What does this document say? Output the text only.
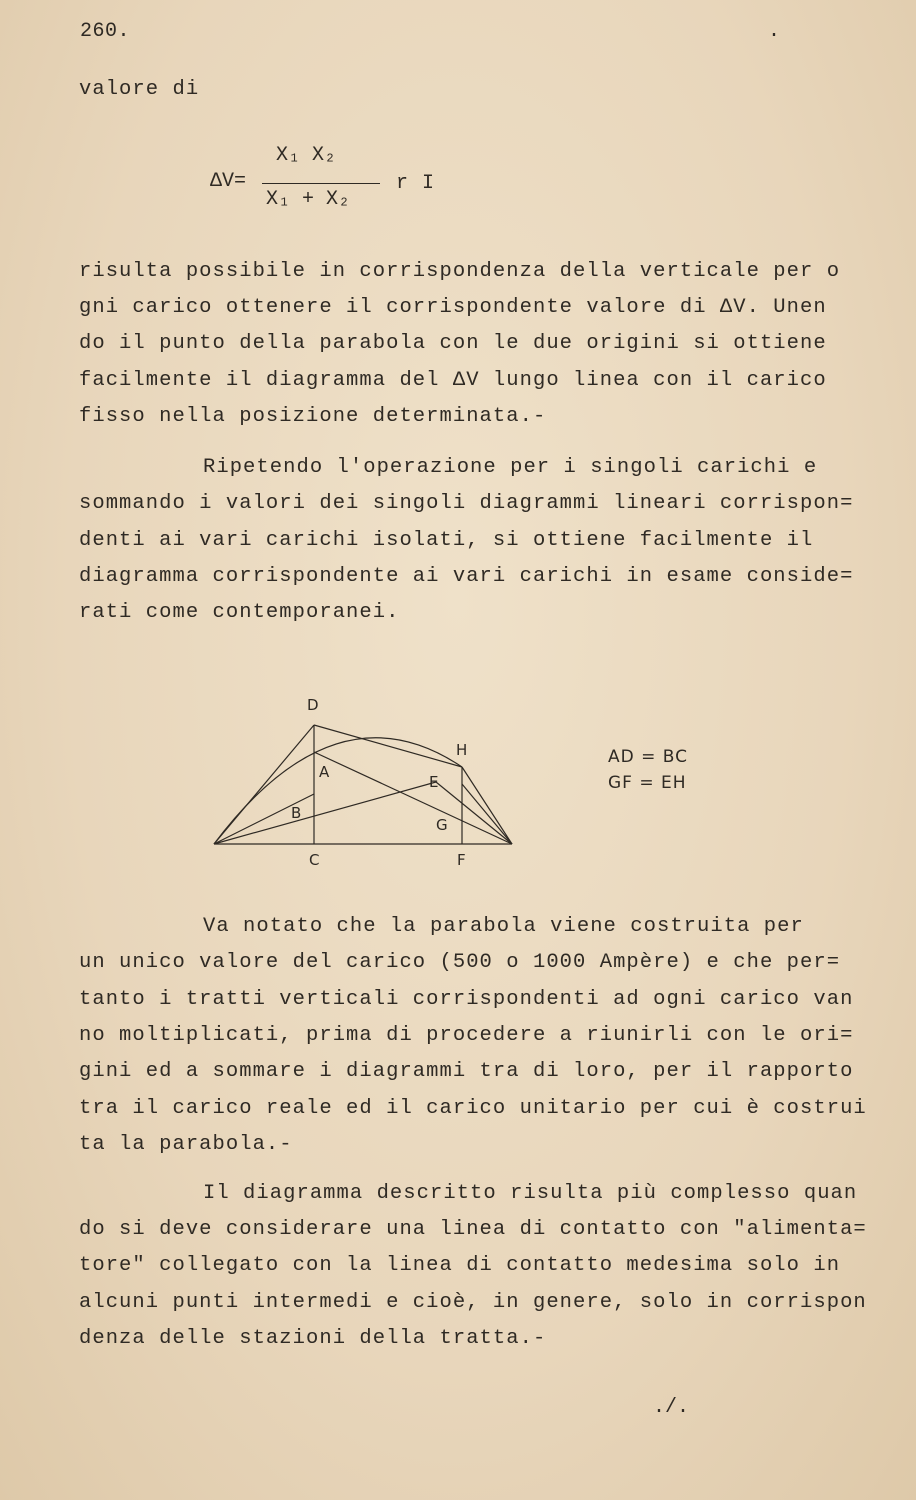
260.	.
valore di
ΔV=
X₁ X₂
X₁ + X₂
r I
risulta possibile in corrispondenza della verticale per o
gni carico ottenere il corrispondente valore di ΔV. Unen
do il punto della parabola con le due origini si ottiene
facilmente il diagramma del ΔV lungo linea con il carico
fisso nella posizione determinata.-
Ripetendo l'operazione per i singoli carichi e
sommando i valori dei singoli diagrammi lineari corrispon=
denti ai vari carichi isolati, si ottiene facilmente il
diagramma corrispondente ai vari carichi in esame conside=
rati come contemporanei.
D
H
A
E
B
G
C	F
AD = BC
GF = EH
Va notato che la parabola viene costruita per
un unico valore del carico (500 o 1000 Ampère) e che per=
tanto i tratti verticali corrispondenti ad ogni carico van
no moltiplicati, prima di procedere a riunirli con le ori=
gini ed a sommare i diagrammi tra di loro, per il rapporto
tra il carico reale ed il carico unitario per cui è costrui
ta la parabola.-
Il diagramma descritto risulta più complesso quan
do si deve considerare una linea di contatto con "alimenta=
tore" collegato con la linea di contatto medesima solo in
alcuni punti intermedi e cioè, in genere, solo in corrispon
denza delle stazioni della tratta.-
./.
